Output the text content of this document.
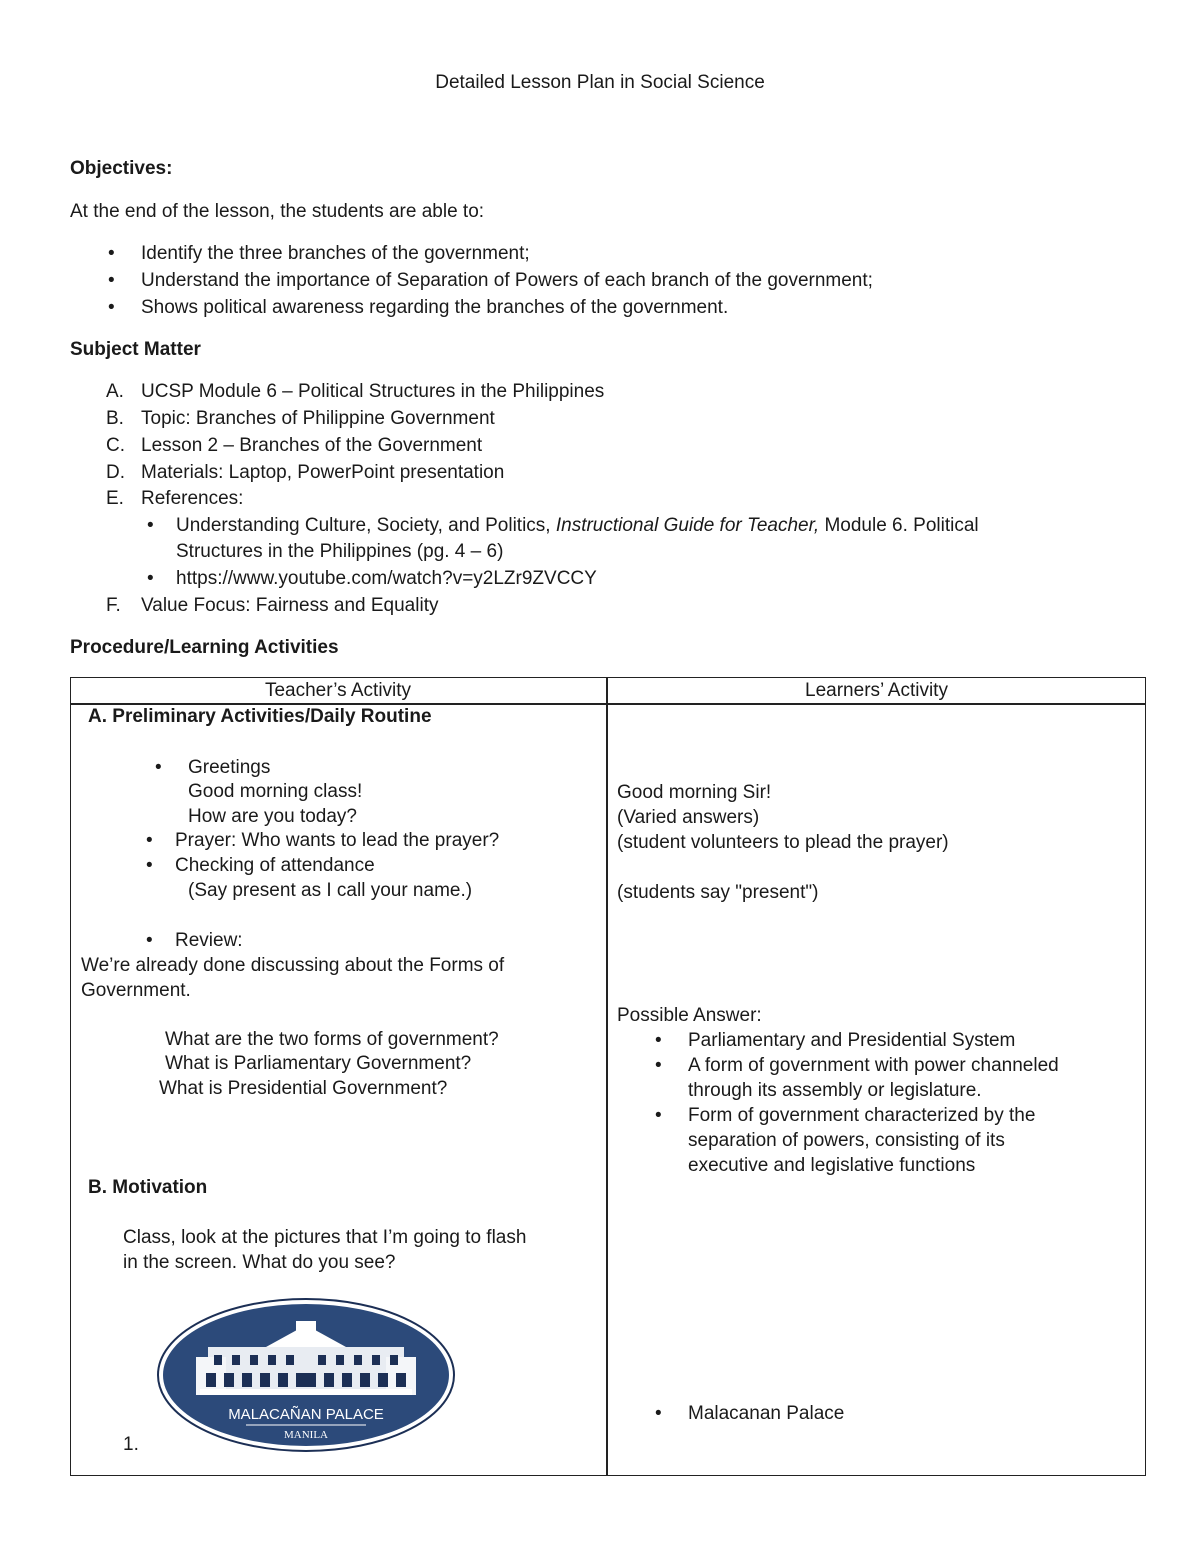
Detailed Lesson Plan in Social Science
Objectives:
At the end of the lesson, the students are able to:
• Identify the three branches of the government;
• Understand the importance of Separation of Powers of each branch of the government;
• Shows political awareness regarding the branches of the government.
Subject Matter
A. UCSP Module 6 – Political Structures in the Philippines
B. Topic: Branches of Philippine Government
C. Lesson 2 – Branches of the Government
D. Materials: Laptop, PowerPoint presentation
E. References:
• Understanding Culture, Society, and Politics, Instructional Guide for Teacher, Module 6. Political
Structures in the Philippines (pg. 4 – 6)
• https://www.youtube.com/watch?v=y2LZr9ZVCCY
F. Value Focus: Fairness and Equality
Procedure/Learning Activities
Teacher’s Activity	Learners’ Activity
A. Preliminary Activities/Daily Routine
• Greetings
Good morning class!
How are you today?
• Prayer: Who wants to lead the prayer?
• Checking of attendance
(Say present as I call your name.)
• Review:
We’re already done discussing about the Forms of
Government.
What are the two forms of government?
What is Parliamentary Government?
What is Presidential Government?
B. Motivation
Class, look at the pictures that I’m going to flash
in the screen. What do you see?
MALACAÑAN PALACE
MANILA
1.
Good morning Sir!
(Varied answers)
(student volunteers to plead the prayer)
(students say "present")
Possible Answer:
• Parliamentary and Presidential System
• A form of government with power channeled
through its assembly or legislature.
• Form of government characterized by the
separation of powers, consisting of its
executive and legislative functions
• Malacanan Palace
